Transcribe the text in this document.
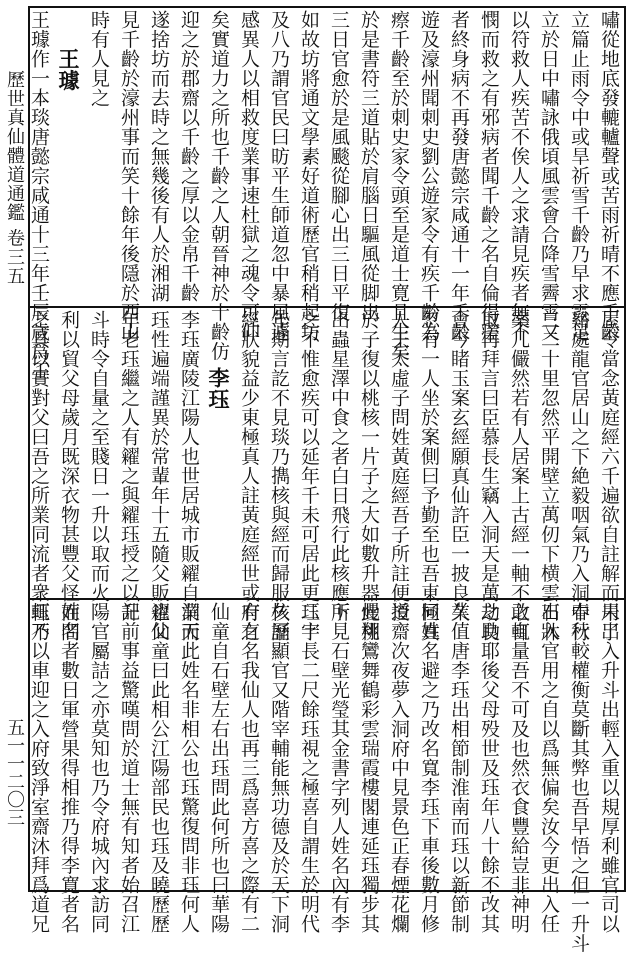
歷世真仙體道通鑑 卷三五
五一一二〇三
嘯從地底發轆轤聲或苦雨祈晴不應千齡
立篇止雨令中或旱祈雪千齡乃早求霓足
立於日中嘯詠俄頃風雲會合降雪霽霄又
以符救人疾苦不俟人之求請見疾者無不
憫而救之有邪病者聞千齡之名自倫得瘥
者終身病不再發唐懿宗咸通十一年千齡
遊及濠州聞刺史劉公遊家令有疾千齡為
瘵千齡至於刺史家令頭至是道士寛且生矣
於是書符三道貼於肩腦日驅風從脚出
三日官愈於是風颷從腳心出三日平復
如故坊將通文學素好道術歷官稍稍起坊
及八乃謂官民曰昉平生師道忽中暴風遽
感異人以相救度業事速杜獄之魂令可仰
矣實道力之所也千齡之人朝晉神於十齡仿
迎之於郡齋以千齡之厚以金帛千齡
遂捨坊而去時之無幾後有人於湘湖
見千齡於濠州事而笑十餘年後隱於西山
時有人見之
王璩
王璩作一本琰唐懿宗咸通十三年壬辰歲爲王
屋令當念黃庭經六千遍欲自註解而未了
谿處龍官居山之下絶毅咽氣乃入洞中行
三二十里忽然平開壁立萬仞下横雲石牀
案几儼然若有人居案上古經一軸不敢輒
取再拜言曰臣慕長生竊入洞天是萬劫良
會今睹玉案玄經願真仙許臣一披良久
忽有一人坐於案側曰予勤至也吾東極真
人王太虛子問姓黃庭經吾子所註便授
於子復以桃核一片子之大如數升器此桃
出蟲星澤中食之者白日飛行此核應所
之不惟愈疾可以延年千未可居此更二十
年期言訖不見琰乃擕核與經而歸服核誦
經狀貌益少東極真人註黃庭經世或有之
李珏
李珏廣陵江陽人也世居城市販糴自業而
珏性遍端謹異於常輩年十五隨父販糴父
年老珏繼之人有糴之與糴珏授之以升
斗時令自量之至賤日一升以取而火
利以貿父母歲月既深衣物甚豐父怪而問
之具以實對父曰吾之所業同流者衆輒不
用出入升斗出輕入重以規厚利雖官司以
春秋較權衡莫斷其弊也吾早悟之但一升斗
出入官用之自以爲無偏矣汝今更出入任
之自量吾不可及也然衣食豐給豈非神明
之助耶後父母殁世及珏年八十餘不改其
業值唐李珏出相節制淮南而珏以新節制
同姓名避之乃改名寬李珏下車後數月修
道齋次夜夢入洞府中見景色正春煙花爛
熳翔鸞舞鶴彩雲瑞霞樓閣連延珏獨步其
下見石壁光瑩其金書字列人姓名內有李
珏字長二尺餘珏視之極喜自謂生於明代
久歷顯官又階宰輔能無功德及於天下洞
府有名我仙人也再三爲喜方喜之際有二
仙童自石壁左右出珏問此何所也曰華陽
洞天此姓名非相公也珏驚復問非珏何人
也仙童曰此相公江陽部民也珏及曉歷歷
記前事益驚嘆問於道士無有知者始召江
陽官屬詰之亦莫知也乃令府城內求訪同
姓名者數日軍營果得相推乃得李寛者名
珏乃以車迎之入府致淨室齋沐拜爲道兄
